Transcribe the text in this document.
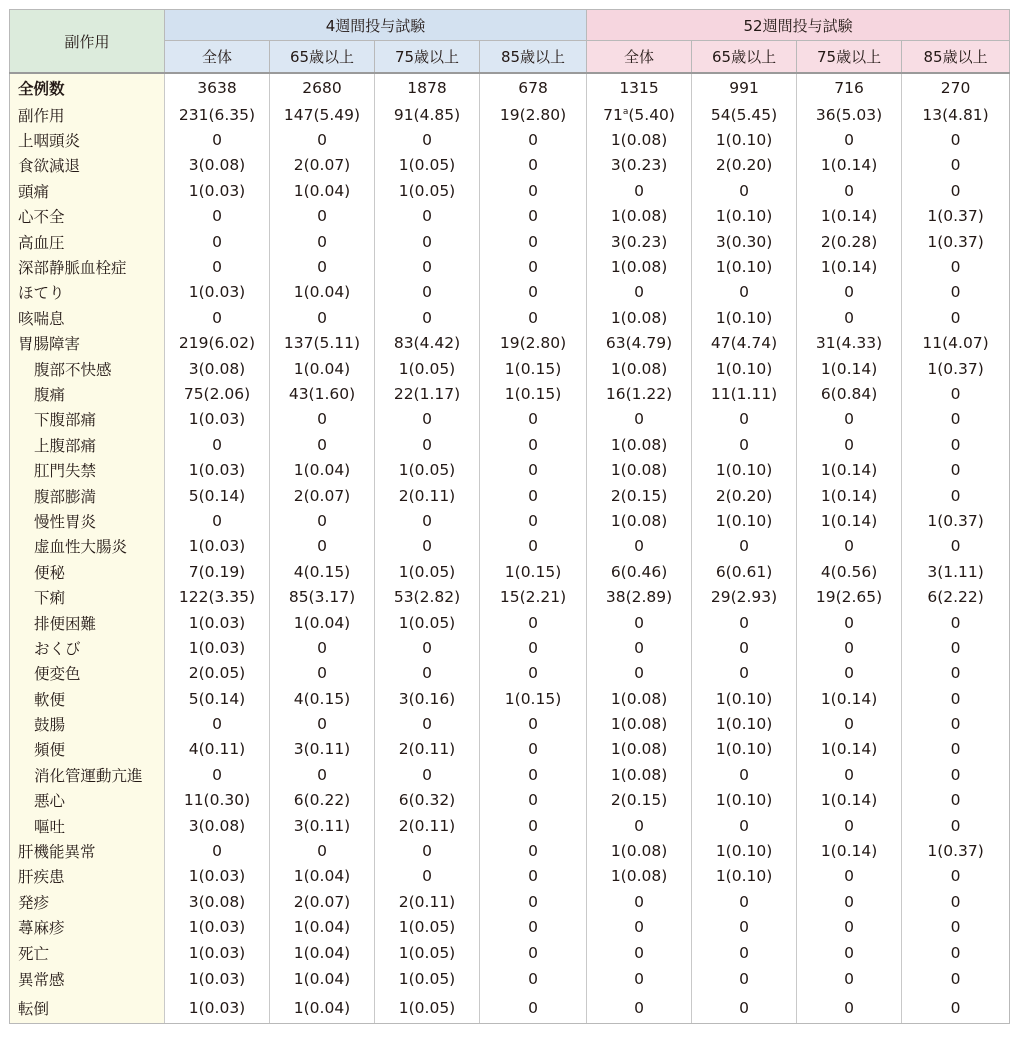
副作用	4週間投与試験				52週間投与試験			
	全体	65歳以上	75歳以上	85歳以上	全体	65歳以上	75歳以上	85歳以上
全例数	3638	2680	1878	678	1315	991	716	270
副作用	231(6.35)	147(5.49)	91(4.85)	19(2.80)	71$^a$(5.40)	54(5.45)	36(5.03)	13(4.81)
上咽頭炎	0	0	0	0	1(0.08)	1(0.10)	0	0
食欲減退	3(0.08)	2(0.07)	1(0.05)	0	3(0.23)	2(0.20)	1(0.14)	0
頭痛	1(0.03)	1(0.04)	1(0.05)	0	0	0	0	0
心不全	0	0	0	0	1(0.08)	1(0.10)	1(0.14)	1(0.37)
高血圧	0	0	0	0	3(0.23)	3(0.30)	2(0.28)	1(0.37)
深部静脈血栓症	0	0	0	0	1(0.08)	1(0.10)	1(0.14)	0
ほてり	1(0.03)	1(0.04)	0	0	0	0	0	0
咳喘息	0	0	0	0	1(0.08)	1(0.10)	0	0
胃腸障害	219(6.02)	137(5.11)	83(4.42)	19(2.80)	63(4.79)	47(4.74)	31(4.33)	11(4.07)
腹部不快感	3(0.08)	1(0.04)	1(0.05)	1(0.15)	1(0.08)	1(0.10)	1(0.14)	1(0.37)
腹痛	75(2.06)	43(1.60)	22(1.17)	1(0.15)	16(1.22)	11(1.11)	6(0.84)	0
下腹部痛	1(0.03)	0	0	0	0	0	0	0
上腹部痛	0	0	0	0	1(0.08)	0	0	0
肛門失禁	1(0.03)	1(0.04)	1(0.05)	0	1(0.08)	1(0.10)	1(0.14)	0
腹部膨満	5(0.14)	2(0.07)	2(0.11)	0	2(0.15)	2(0.20)	1(0.14)	0
慢性胃炎	0	0	0	0	1(0.08)	1(0.10)	1(0.14)	1(0.37)
虚血性大腸炎	1(0.03)	0	0	0	0	0	0	0
便秘	7(0.19)	4(0.15)	1(0.05)	1(0.15)	6(0.46)	6(0.61)	4(0.56)	3(1.11)
下痢	122(3.35)	85(3.17)	53(2.82)	15(2.21)	38(2.89)	29(2.93)	19(2.65)	6(2.22)
排便困難	1(0.03)	1(0.04)	1(0.05)	0	0	0	0	0
おくび	1(0.03)	0	0	0	0	0	0	0
便変色	2(0.05)	0	0	0	0	0	0	0
軟便	5(0.14)	4(0.15)	3(0.16)	1(0.15)	1(0.08)	1(0.10)	1(0.14)	0
鼓腸	0	0	0	0	1(0.08)	1(0.10)	0	0
頻便	4(0.11)	3(0.11)	2(0.11)	0	1(0.08)	1(0.10)	1(0.14)	0
消化管運動亢進	0	0	0	0	1(0.08)	0	0	0
悪心	11(0.30)	6(0.22)	6(0.32)	0	2(0.15)	1(0.10)	1(0.14)	0
嘔吐	3(0.08)	3(0.11)	2(0.11)	0	0	0	0	0
肝機能異常	0	0	0	0	1(0.08)	1(0.10)	1(0.14)	1(0.37)
肝疾患	1(0.03)	1(0.04)	0	0	1(0.08)	1(0.10)	0	0
発疹	3(0.08)	2(0.07)	2(0.11)	0	0	0	0	0
蕁麻疹	1(0.03)	1(0.04)	1(0.05)	0	0	0	0	0
死亡	1(0.03)	1(0.04)	1(0.05)	0	0	0	0	0
異常感	1(0.03)	1(0.04)	1(0.05)	0	0	0	0	0
転倒	1(0.03)	1(0.04)	1(0.05)	0	0	0	0	0
